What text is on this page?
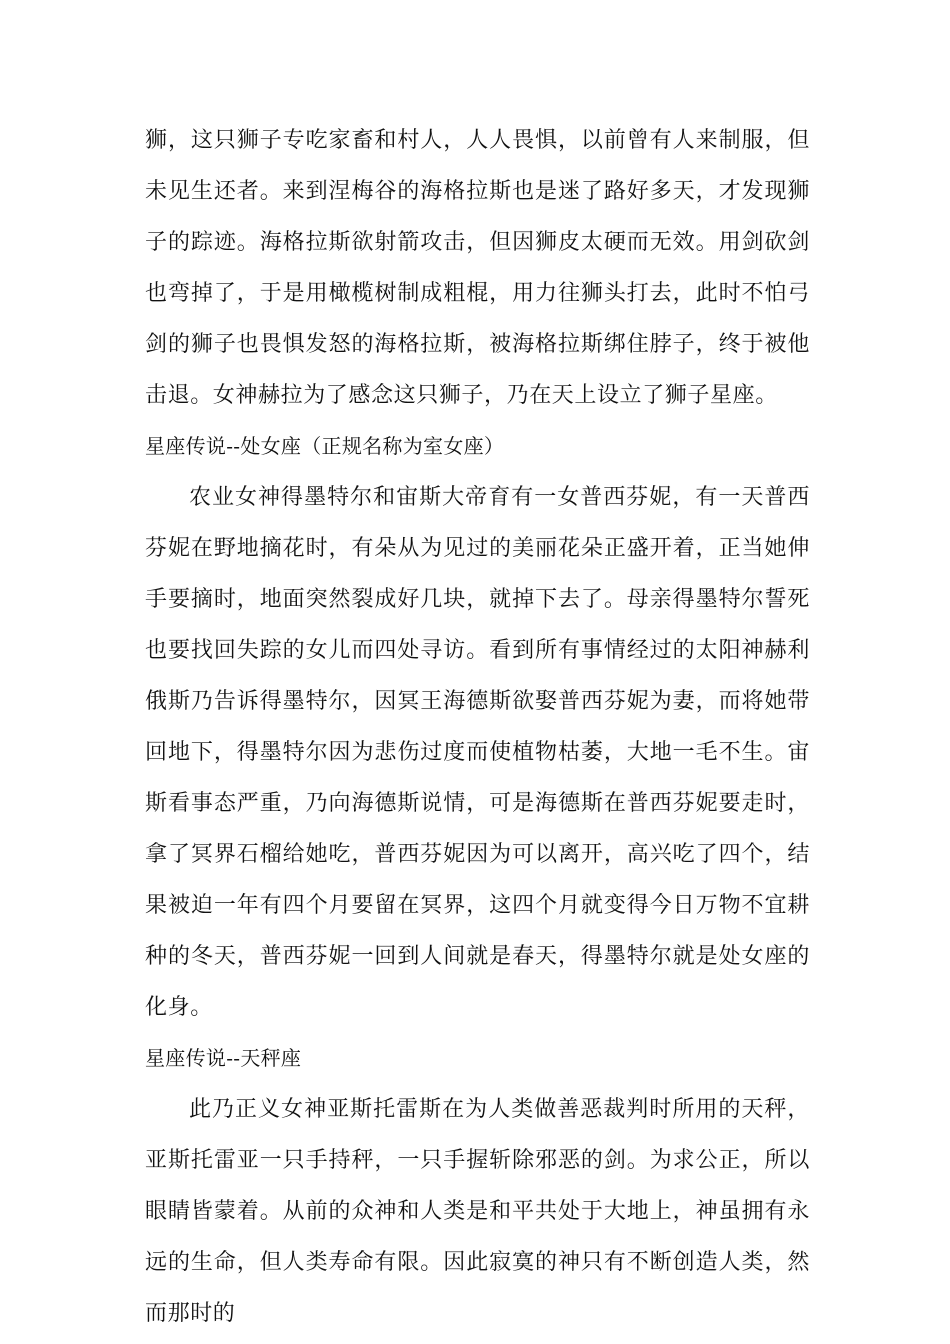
狮，这只狮子专吃家畜和村人，人人畏惧，以前曾有人来制服，但未见生还者。来到涅梅谷的海格拉斯也是迷了路好多天，才发现狮子的踪迹。海格拉斯欲射箭攻击，但因狮皮太硬而无效。用剑砍剑也弯掉了，于是用橄榄树制成粗棍，用力往狮头打去，此时不怕弓剑的狮子也畏惧发怒的海格拉斯，被海格拉斯绑住脖子，终于被他击退。女神赫拉为了感念这只狮子，乃在天上设立了狮子星座。

星座传说--处女座（正规名称为室女座）

农业女神得墨特尔和宙斯大帝育有一女普西芬妮，有一天普西芬妮在野地摘花时，有朵从为见过的美丽花朵正盛开着，正当她伸手要摘时，地面突然裂成好几块，就掉下去了。母亲得墨特尔誓死也要找回失踪的女儿而四处寻访。看到所有事情经过的太阳神赫利俄斯乃告诉得墨特尔，因冥王海德斯欲娶普西芬妮为妻，而将她带回地下，得墨特尔因为悲伤过度而使植物枯萎，大地一毛不生。宙斯看事态严重，乃向海德斯说情，可是海德斯在普西芬妮要走时，拿了冥界石榴给她吃，普西芬妮因为可以离开，高兴吃了四个，结果被迫一年有四个月要留在冥界，这四个月就变得今日万物不宜耕种的冬天，普西芬妮一回到人间就是春天，得墨特尔就是处女座的化身。

星座传说--天秤座

此乃正义女神亚斯托雷斯在为人类做善恶裁判时所用的天秤，亚斯托雷亚一只手持秤，一只手握斩除邪恶的剑。为求公正，所以眼睛皆蒙着。从前的众神和人类是和平共处于大地上，神虽拥有永远的生命，但人类寿命有限。因此寂寞的神只有不断创造人类，然而那时的
